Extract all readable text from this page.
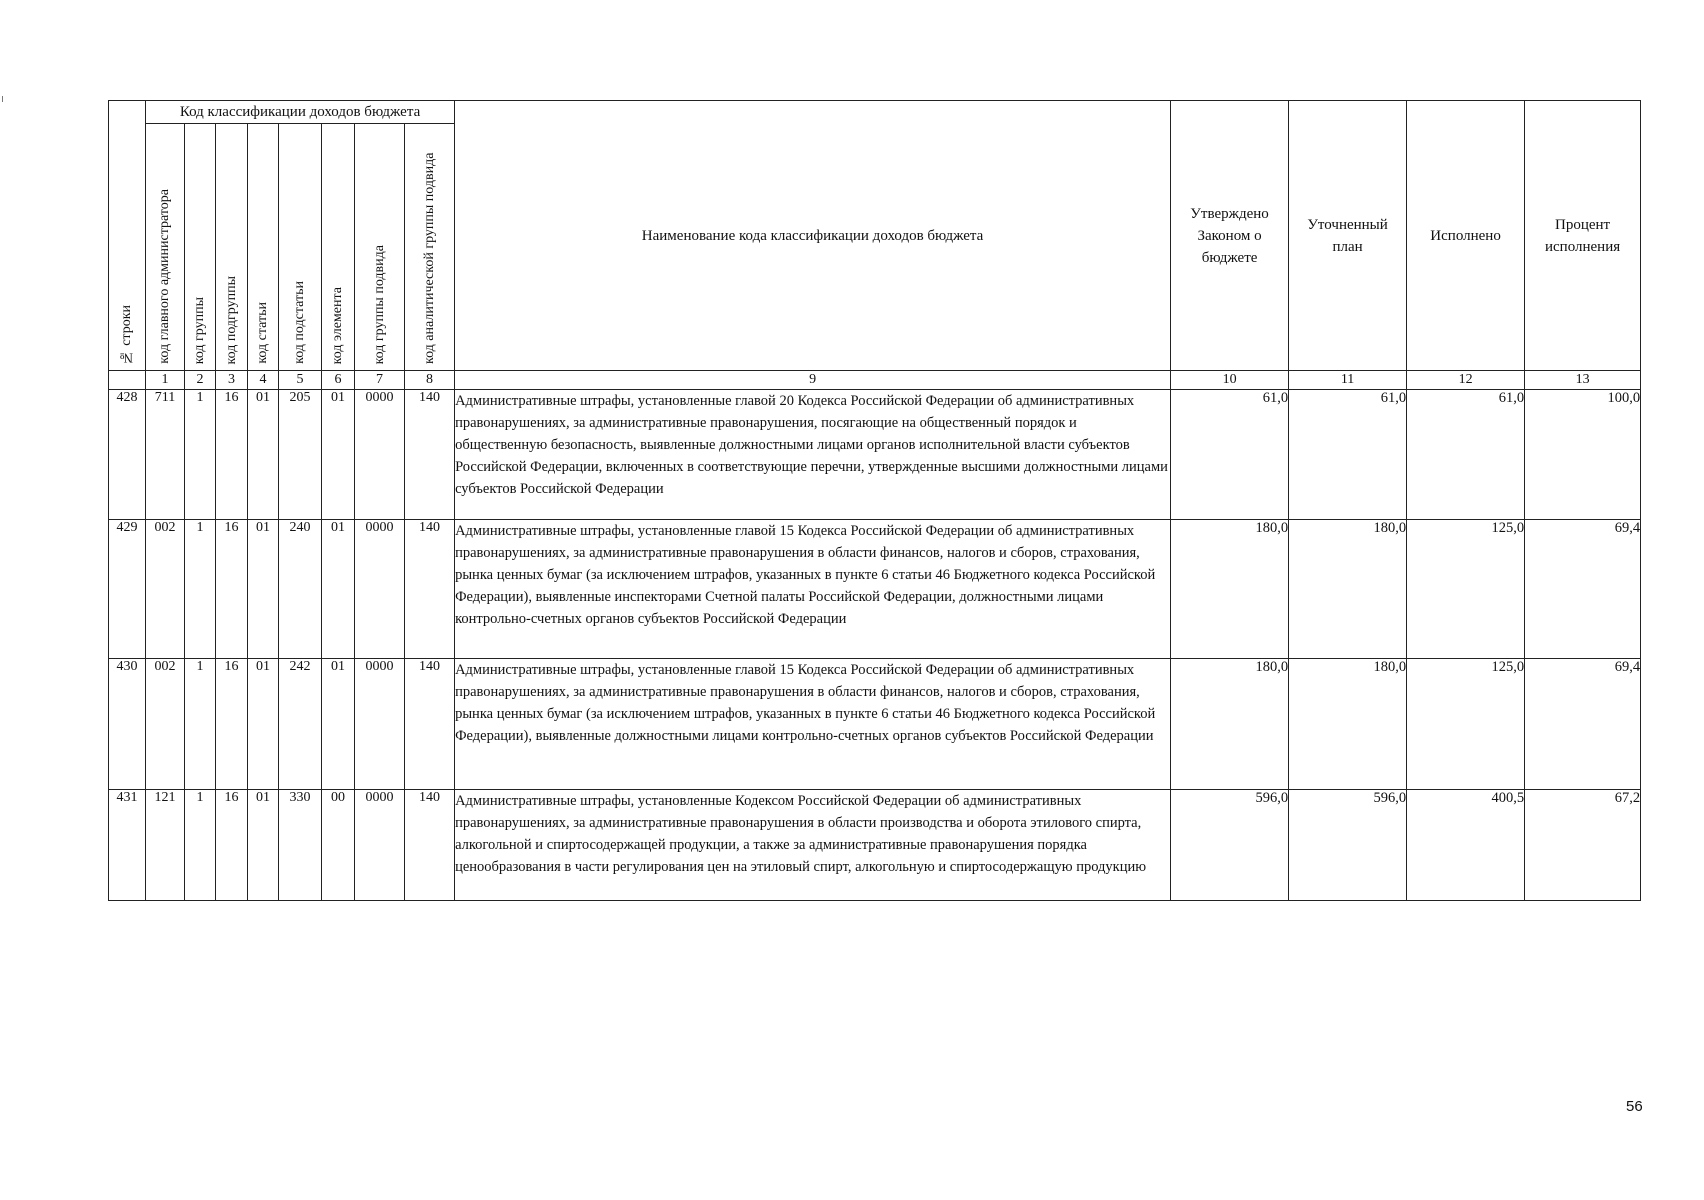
№ строки	Код классификации доходов бюджета								Наименование кода классификации доходов бюджета	Утверждено Законом о бюджете	Уточненный план	Исполнено	Процент исполнения

	код главного администратора	код группы	код подгруппы	код статьи	код подстатьи	код элемента	код группы подвида	код аналитической группы подвида					

	1	2	3	4	5	6	7	8	9	10	11	12	13
428	711	1	16	01	205	01	0000	140	Административные штрафы, установленные главой 20 Кодекса Российской Федерации об административных правонарушениях, за административные правонарушения, посягающие на общественный порядок и общественную безопасность, выявленные должностными лицами органов исполнительной власти субъектов Российской Федерации, включенных в соответствующие перечни, утвержденные высшими должностными лицами субъектов Российской Федерации	61,0	61,0	61,0	100,0
429	002	1	16	01	240	01	0000	140	Административные штрафы, установленные главой 15 Кодекса Российской Федерации об административных правонарушениях, за административные правонарушения в области финансов, налогов и сборов, страхования, рынка ценных бумаг (за исключением штрафов, указанных в пункте 6 статьи 46 Бюджетного кодекса Российской Федерации), выявленные инспекторами Счетной палаты Российской Федерации, должностными лицами контрольно-счетных органов субъектов Российской Федерации	180,0	180,0	125,0	69,4
430	002	1	16	01	242	01	0000	140	Административные штрафы, установленные главой 15 Кодекса Российской Федерации об административных правонарушениях, за административные правонарушения в области финансов, налогов и сборов, страхования, рынка ценных бумаг (за исключением штрафов, указанных в пункте 6 статьи 46 Бюджетного кодекса Российской Федерации), выявленные должностными лицами контрольно-счетных органов субъектов Российской Федерации	180,0	180,0	125,0	69,4
431	121	1	16	01	330	00	0000	140	Административные штрафы, установленные Кодексом Российской Федерации об административных правонарушениях, за административные правонарушения в области производства и оборота этилового спирта, алкогольной и спиртосодержащей продукции, а также за административные правонарушения порядка ценообразования в части регулирования цен на этиловый спирт, алкогольную и спиртосодержащую продукцию	596,0	596,0	400,5	67,2
56
